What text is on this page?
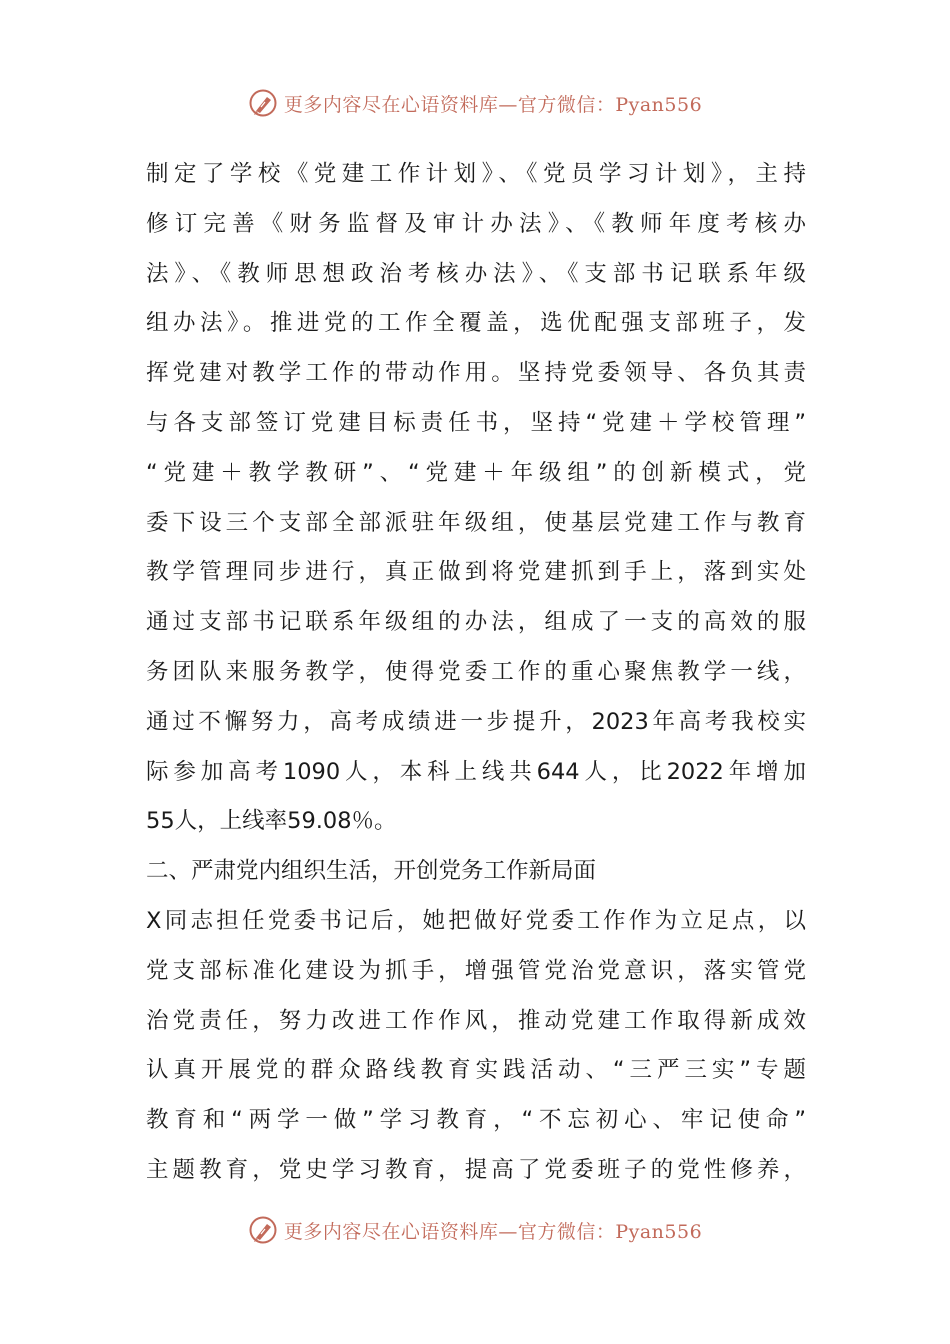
更多内容尽在心语资料库—官方微信：Pyan556
制定了学校《党建工作计划》、《党员学习计划》，主持
修订完善《财务监督及审计办法》、《教师年度考核办
法》、《教师思想政治考核办法》、《支部书记联系年级
组办法》。推进党的工作全覆盖，选优配强支部班子，发
挥党建对教学工作的带动作用。坚持党委领导、各负其责
与各支部签订党建目标责任书，坚持“党建＋学校管理”
“党建＋教学教研”、“党建＋年级组”的创新模式，党
委下设三个支部全部派驻年级组，使基层党建工作与教育
教学管理同步进行，真正做到将党建抓到手上，落到实处
通过支部书记联系年级组的办法，组成了一支的高效的服
务团队来服务教学，使得党委工作的重心聚焦教学一线，
通过不懈努力，高考成绩进一步提升，2023年高考我校实
际参加高考1090人，本科上线共644人，比2022年增加
55人，上线率59.08％。
二、严肃党内组织生活，开创党务工作新局面
X同志担任党委书记后，她把做好党委工作作为立足点，以
党支部标准化建设为抓手，增强管党治党意识，落实管党
治党责任，努力改进工作作风，推动党建工作取得新成效
认真开展党的群众路线教育实践活动、“三严三实”专题
教育和“两学一做”学习教育，“不忘初心、牢记使命”
主题教育，党史学习教育，提高了党委班子的党性修养，
更多内容尽在心语资料库—官方微信：Pyan556
